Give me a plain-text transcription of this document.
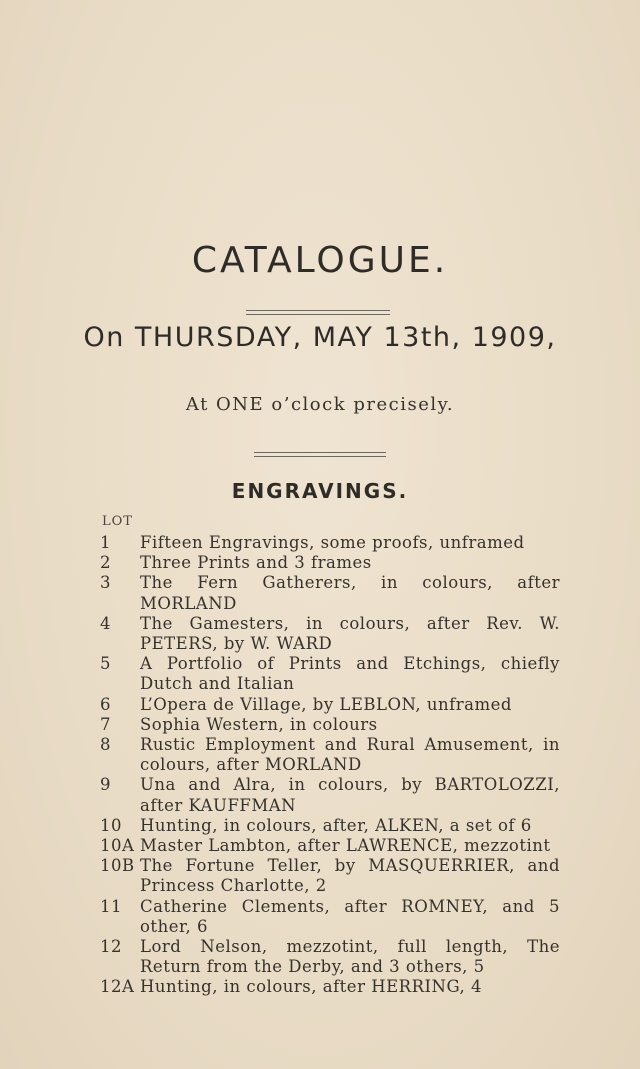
CATALOGUE.
On THURSDAY, MAY 13th, 1909,
At ONE o’clock precisely.
ENGRAVINGS.
LOT
1	Fifteen Engravings, some proofs, unframed
2	Three Prints and 3 frames
3	The Fern Gatherers, in colours, after MORLAND
4	The Gamesters, in colours, after Rev. W. PETERS, by W. WARD
5	A Portfolio of Prints and Etchings, chiefly Dutch and Italian
6	L’Opera de Village, by LEBLON, unframed
7	Sophia Western, in colours
8	Rustic Employment and Rural Amusement, in colours, after MORLAND
9	Una and Alra, in colours, by BARTOLOZZI, after KAUFFMAN
10	Hunting, in colours, after, ALKEN, a set of 6
10A Master Lambton, after LAWRENCE, mezzotint
10B The Fortune Teller, by MASQUERRIER, and Princess Charlotte, 2
11	Catherine Clements, after ROMNEY, and 5 other, 6
12	Lord Nelson, mezzotint, full length, The Return from the Derby, and 3 others, 5
12A Hunting, in colours, after HERRING, 4
